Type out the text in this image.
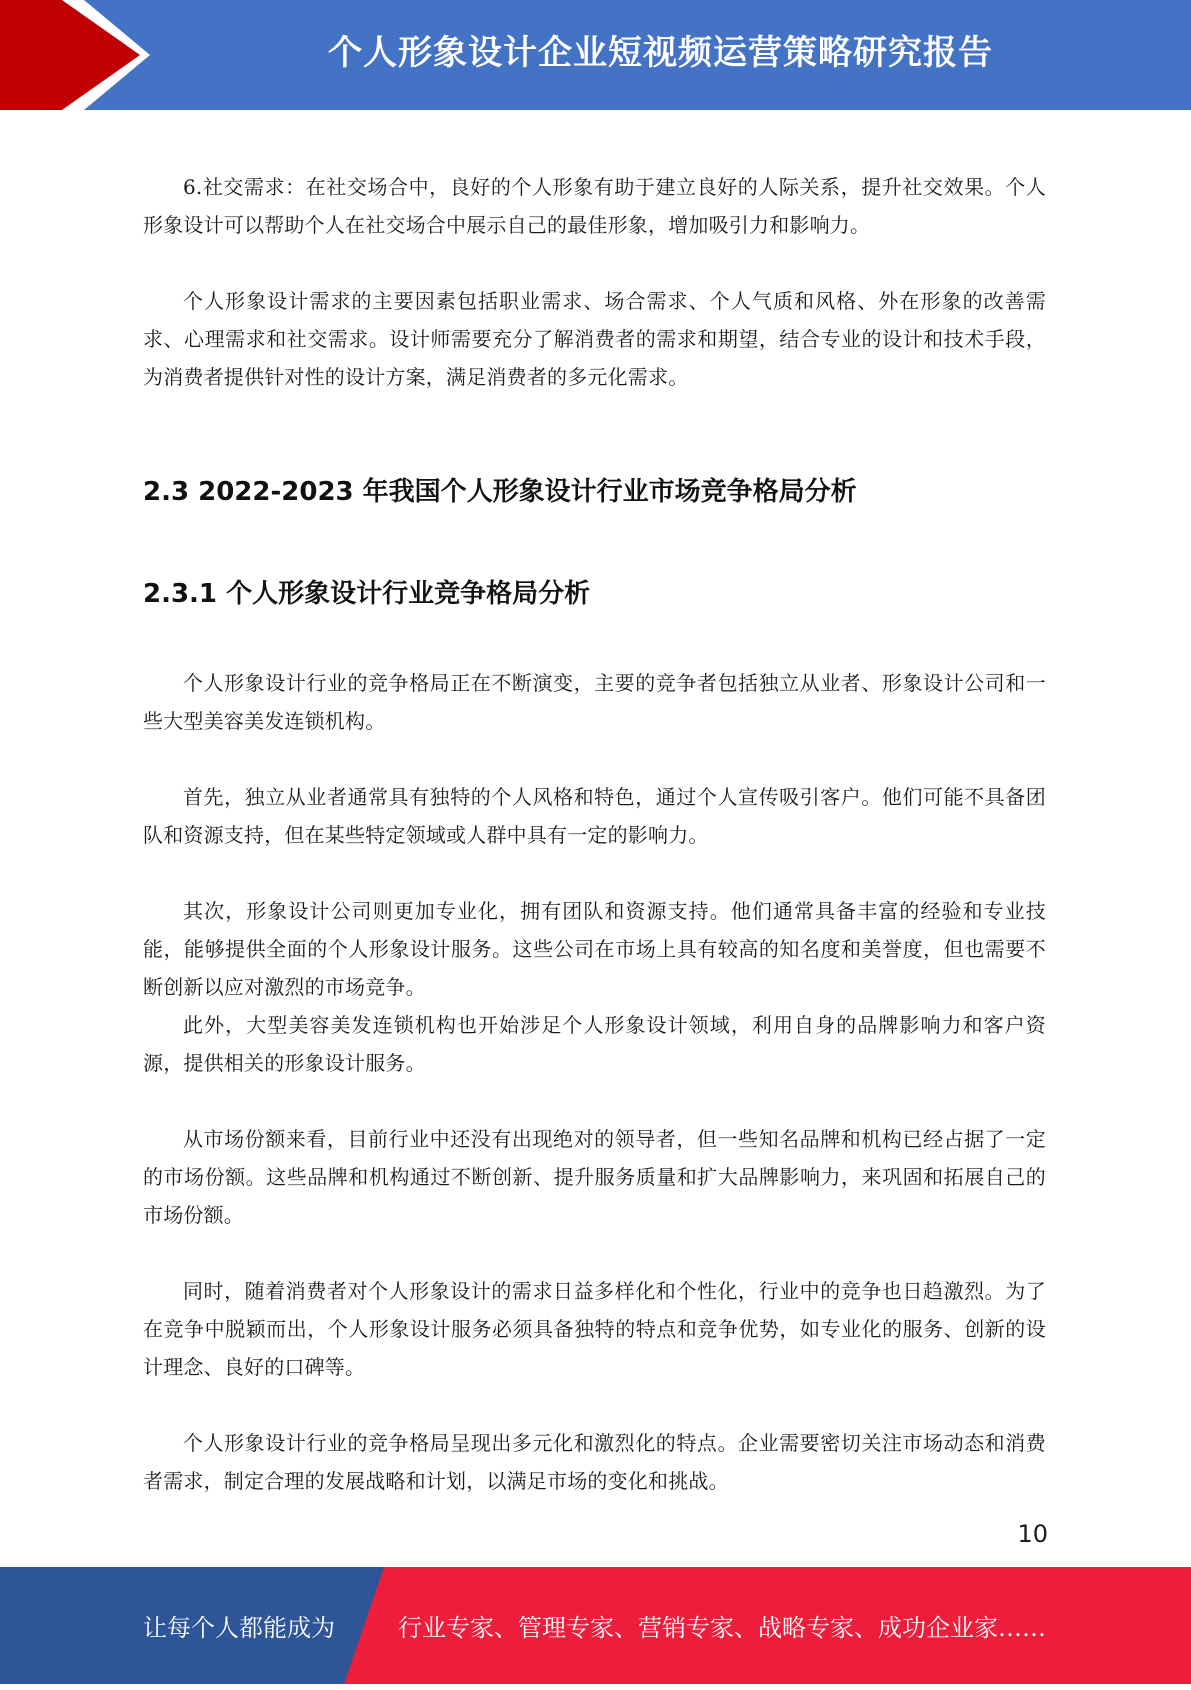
个人形象设计企业短视频运营策略研究报告

6.社交需求：在社交场合中，良好的个人形象有助于建立良好的人际关系，提升社交效果。个人形象设计可以帮助个人在社交场合中展示自己的最佳形象，增加吸引力和影响力。

个人形象设计需求的主要因素包括职业需求、场合需求、个人气质和风格、外在形象的改善需求、心理需求和社交需求。设计师需要充分了解消费者的需求和期望，结合专业的设计和技术手段，为消费者提供针对性的设计方案，满足消费者的多元化需求。

2.3 2022-2023 年我国个人形象设计行业市场竞争格局分析
2.3.1 个人形象设计行业竞争格局分析

个人形象设计行业的竞争格局正在不断演变，主要的竞争者包括独立从业者、形象设计公司和一些大型美容美发连锁机构。

首先，独立从业者通常具有独特的个人风格和特色，通过个人宣传吸引客户。他们可能不具备团队和资源支持，但在某些特定领域或人群中具有一定的影响力。

其次，形象设计公司则更加专业化，拥有团队和资源支持。他们通常具备丰富的经验和专业技能，能够提供全面的个人形象设计服务。这些公司在市场上具有较高的知名度和美誉度，但也需要不断创新以应对激烈的市场竞争。

此外，大型美容美发连锁机构也开始涉足个人形象设计领域，利用自身的品牌影响力和客户资源，提供相关的形象设计服务。

从市场份额来看，目前行业中还没有出现绝对的领导者，但一些知名品牌和机构已经占据了一定的市场份额。这些品牌和机构通过不断创新、提升服务质量和扩大品牌影响力，来巩固和拓展自己的市场份额。

同时，随着消费者对个人形象设计的需求日益多样化和个性化，行业中的竞争也日趋激烈。为了在竞争中脱颖而出，个人形象设计服务必须具备独特的特点和竞争优势，如专业化的服务、创新的设计理念、良好的口碑等。

个人形象设计行业的竞争格局呈现出多元化和激烈化的特点。企业需要密切关注市场动态和消费者需求，制定合理的发展战略和计划，以满足市场的变化和挑战。

10
让每个人都能成为	行业专家、管理专家、营销专家、战略专家、成功企业家……
